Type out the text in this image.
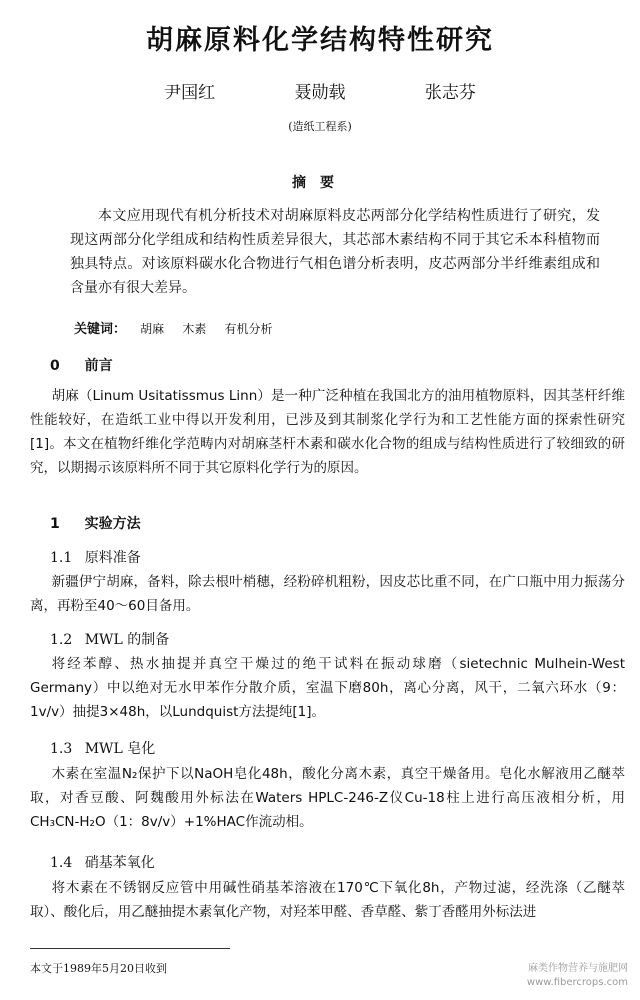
胡麻原料化学结构特性研究
尹国红	聂勋载	张志芬
(造纸工程系)
摘要
本文应用现代有机分析技术对胡麻原料皮芯两部分化学结构性质进行了研究，发现这两部分化学组成和结构性质差异很大，其芯部木素结构不同于其它禾本科植物而独具特点。对该原料碳水化合物进行气相色谱分析表明，皮芯两部分半纤维素组成和含量亦有很大差异。
关键词： 胡麻 木素 有机分析
0 前言
胡麻（Linum Usitatissmus Linn）是一种广泛种植在我国北方的油用植物原料，因其茎杆纤维性能较好，在造纸工业中得以开发利用，已涉及到其制浆化学行为和工艺性能方面的探索性研究[1]。本文在植物纤维化学范畴内对胡麻茎杆木素和碳水化合物的组成与结构性质进行了较细致的研究，以期揭示该原料所不同于其它原料化学行为的原因。
1 实验方法
1.1 原料准备
新疆伊宁胡麻，备料，除去根叶梢穗，经粉碎机粗粉，因皮芯比重不同，在广口瓶中用力振荡分离，再粉至40～60目备用。
1.2 MWL 的制备
将经苯醇、热水抽提并真空干燥过的绝干试料在振动球磨（sietechnic Mulhein-West Germany）中以绝对无水甲苯作分散介质，室温下磨80h，离心分离，风干，二氧六环水（9：1v/v）抽提3×48h，以Lundquist方法提纯[1]。
1.3 MWL 皂化
木素在室温N₂保护下以NaOH皂化48h，酸化分离木素，真空干燥备用。皂化水解液用乙醚萃取，对香豆酸、阿魏酸用外标法在Waters HPLC-246-Z仪Cu-18柱上进行高压液相分析，用CH₃CN-H₂O（1：8v/v）+1%HAC作流动相。
1.4 硝基苯氧化
将木素在不锈钢反应管中用碱性硝基苯溶液在170℃下氧化8h，产物过滤，经洗涤（乙醚萃取）、酸化后，用乙醚抽提木素氧化产物，对羟苯甲醛、香草醛、紫丁香醛用外标法进
本文于1989年5月20日收到	麻类作物营养与施肥网
www.fibercrops.com
